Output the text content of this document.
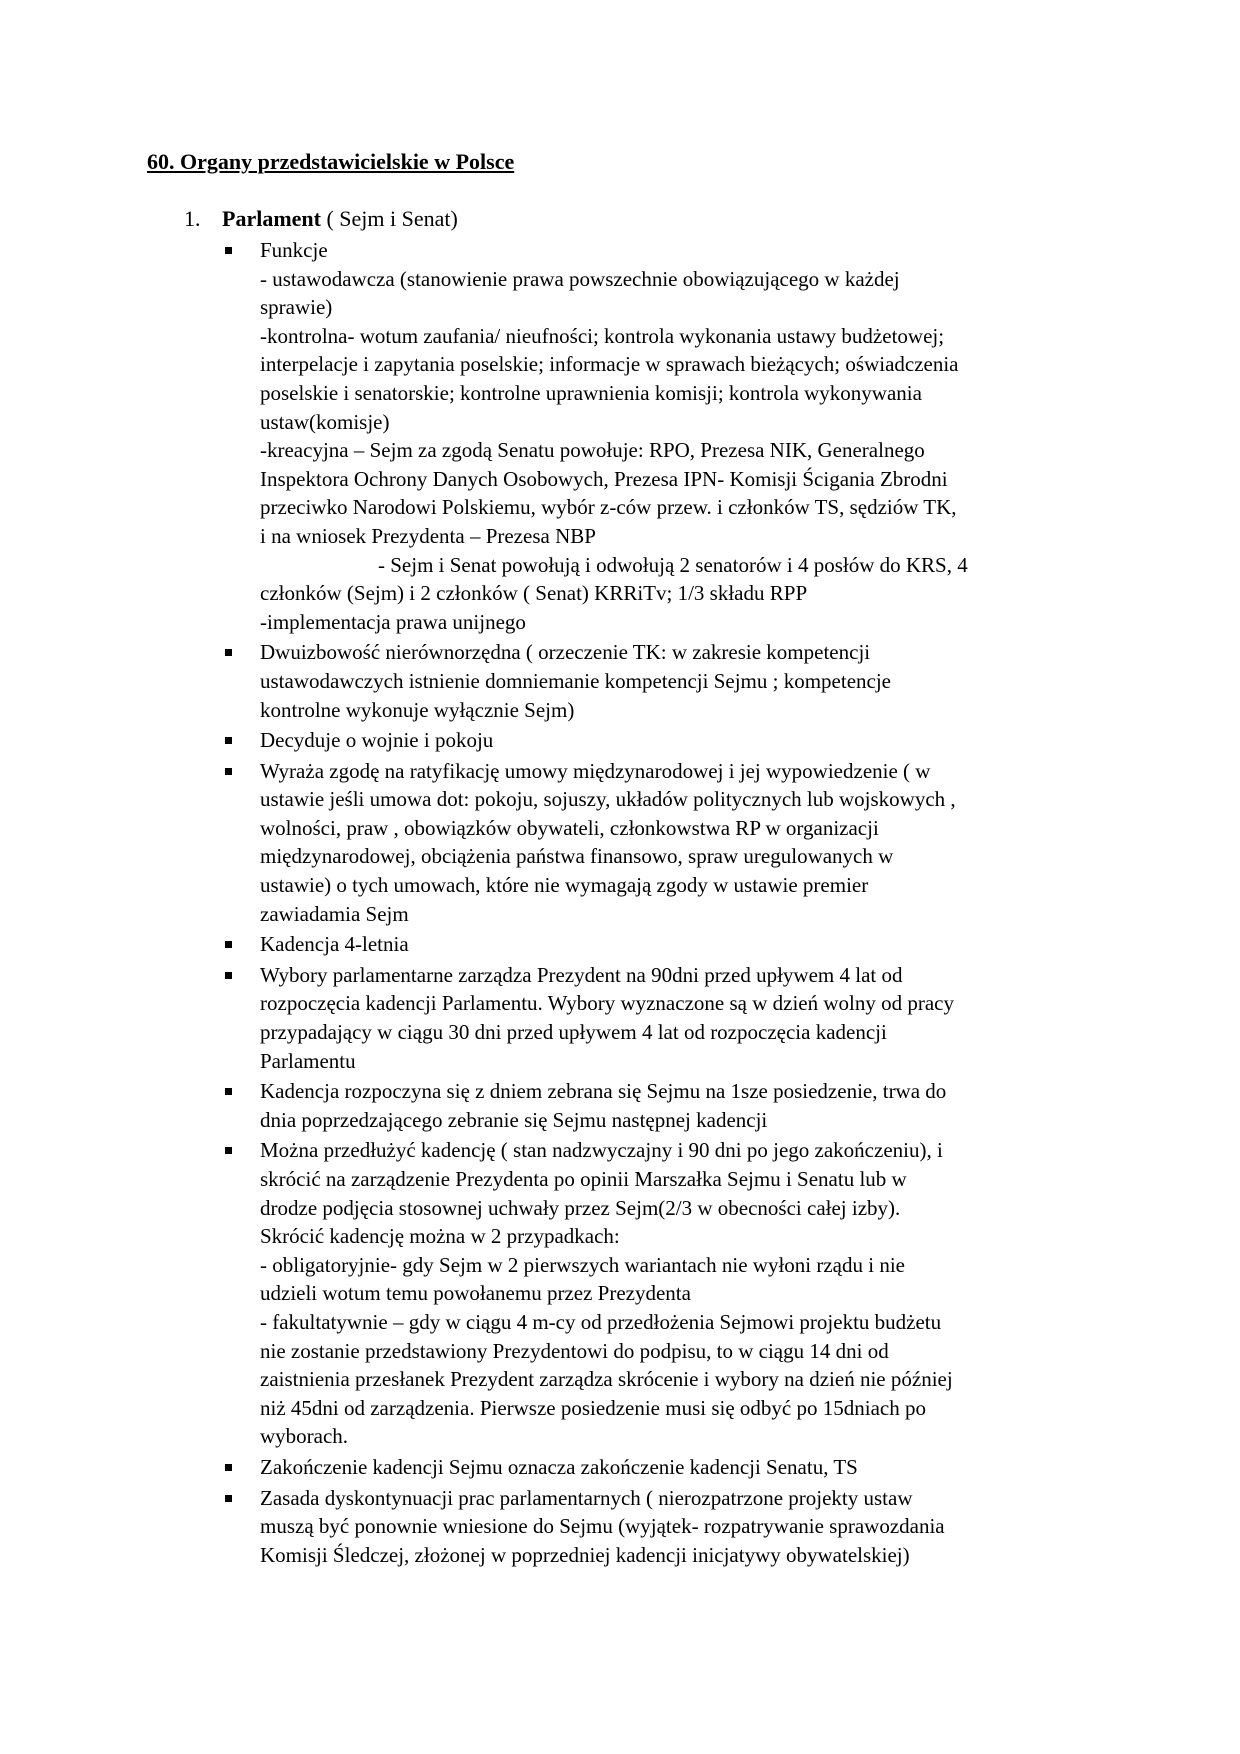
60. Organy przedstawicielskie w Polsce
1. Parlament ( Sejm i Senat)
Funkcje
- ustawodawcza (stanowienie prawa powszechnie obowiązującego w każdej
sprawie)
-kontrolna- wotum zaufania/ nieufności; kontrola wykonania ustawy budżetowej;
interpelacje i zapytania poselskie; informacje w sprawach bieżących; oświadczenia
poselskie i senatorskie; kontrolne uprawnienia komisji; kontrola wykonywania
ustaw(komisje)
-kreacyjna – Sejm za zgodą Senatu powołuje: RPO, Prezesa NIK, Generalnego
Inspektora Ochrony Danych Osobowych, Prezesa IPN- Komisji Ścigania Zbrodni
przeciwko Narodowi Polskiemu, wybór z-ców przew. i członków TS, sędziów TK,
i na wniosek Prezydenta – Prezesa NBP
- Sejm i Senat powołują i odwołują 2 senatorów i 4 posłów do KRS, 4
członków (Sejm) i 2 członków ( Senat) KRRiTv; 1/3 składu RPP
-implementacja prawa unijnego
Dwuizbowość nierównorzędna ( orzeczenie TK: w zakresie kompetencji
ustawodawczych istnienie domniemanie kompetencji Sejmu ; kompetencje
kontrolne wykonuje wyłącznie Sejm)
Decyduje o wojnie i pokoju
Wyraża zgodę na ratyfikację umowy międzynarodowej i jej wypowiedzenie ( w
ustawie jeśli umowa dot: pokoju, sojuszy, układów politycznych lub wojskowych ,
wolności, praw , obowiązków obywateli, członkowstwa RP w organizacji
międzynarodowej, obciążenia państwa finansowo, spraw uregulowanych w
ustawie) o tych umowach, które nie wymagają zgody w ustawie premier
zawiadamia Sejm
Kadencja 4-letnia
Wybory parlamentarne zarządza Prezydent na 90dni przed upływem 4 lat od
rozpoczęcia kadencji Parlamentu. Wybory wyznaczone są w dzień wolny od pracy
przypadający w ciągu 30 dni przed upływem 4 lat od rozpoczęcia kadencji
Parlamentu
Kadencja rozpoczyna się z dniem zebrana się Sejmu na 1sze posiedzenie, trwa do
dnia poprzedzającego zebranie się Sejmu następnej kadencji
Można przedłużyć kadencję ( stan nadzwyczajny i 90 dni po jego zakończeniu), i
skrócić na zarządzenie Prezydenta po opinii Marszałka Sejmu i Senatu lub w
drodze podjęcia stosownej uchwały przez Sejm(2/3 w obecności całej izby).
Skrócić kadencję można w 2 przypadkach:
- obligatoryjnie- gdy Sejm w 2 pierwszych wariantach nie wyłoni rządu i nie
udzieli wotum temu powołanemu przez Prezydenta
- fakultatywnie – gdy w ciągu 4 m-cy od przedłożenia Sejmowi projektu budżetu
nie zostanie przedstawiony Prezydentowi do podpisu, to w ciągu 14 dni od
zaistnienia przesłanek Prezydent zarządza skrócenie i wybory na dzień nie później
niż 45dni od zarządzenia. Pierwsze posiedzenie musi się odbyć po 15dniach po
wyborach.
Zakończenie kadencji Sejmu oznacza zakończenie kadencji Senatu, TS
Zasada dyskontynuacji prac parlamentarnych ( nierozpatrzone projekty ustaw
muszą być ponownie wniesione do Sejmu (wyjątek- rozpatrywanie sprawozdania
Komisji Śledczej, złożonej w poprzedniej kadencji inicjatywy obywatelskiej)
